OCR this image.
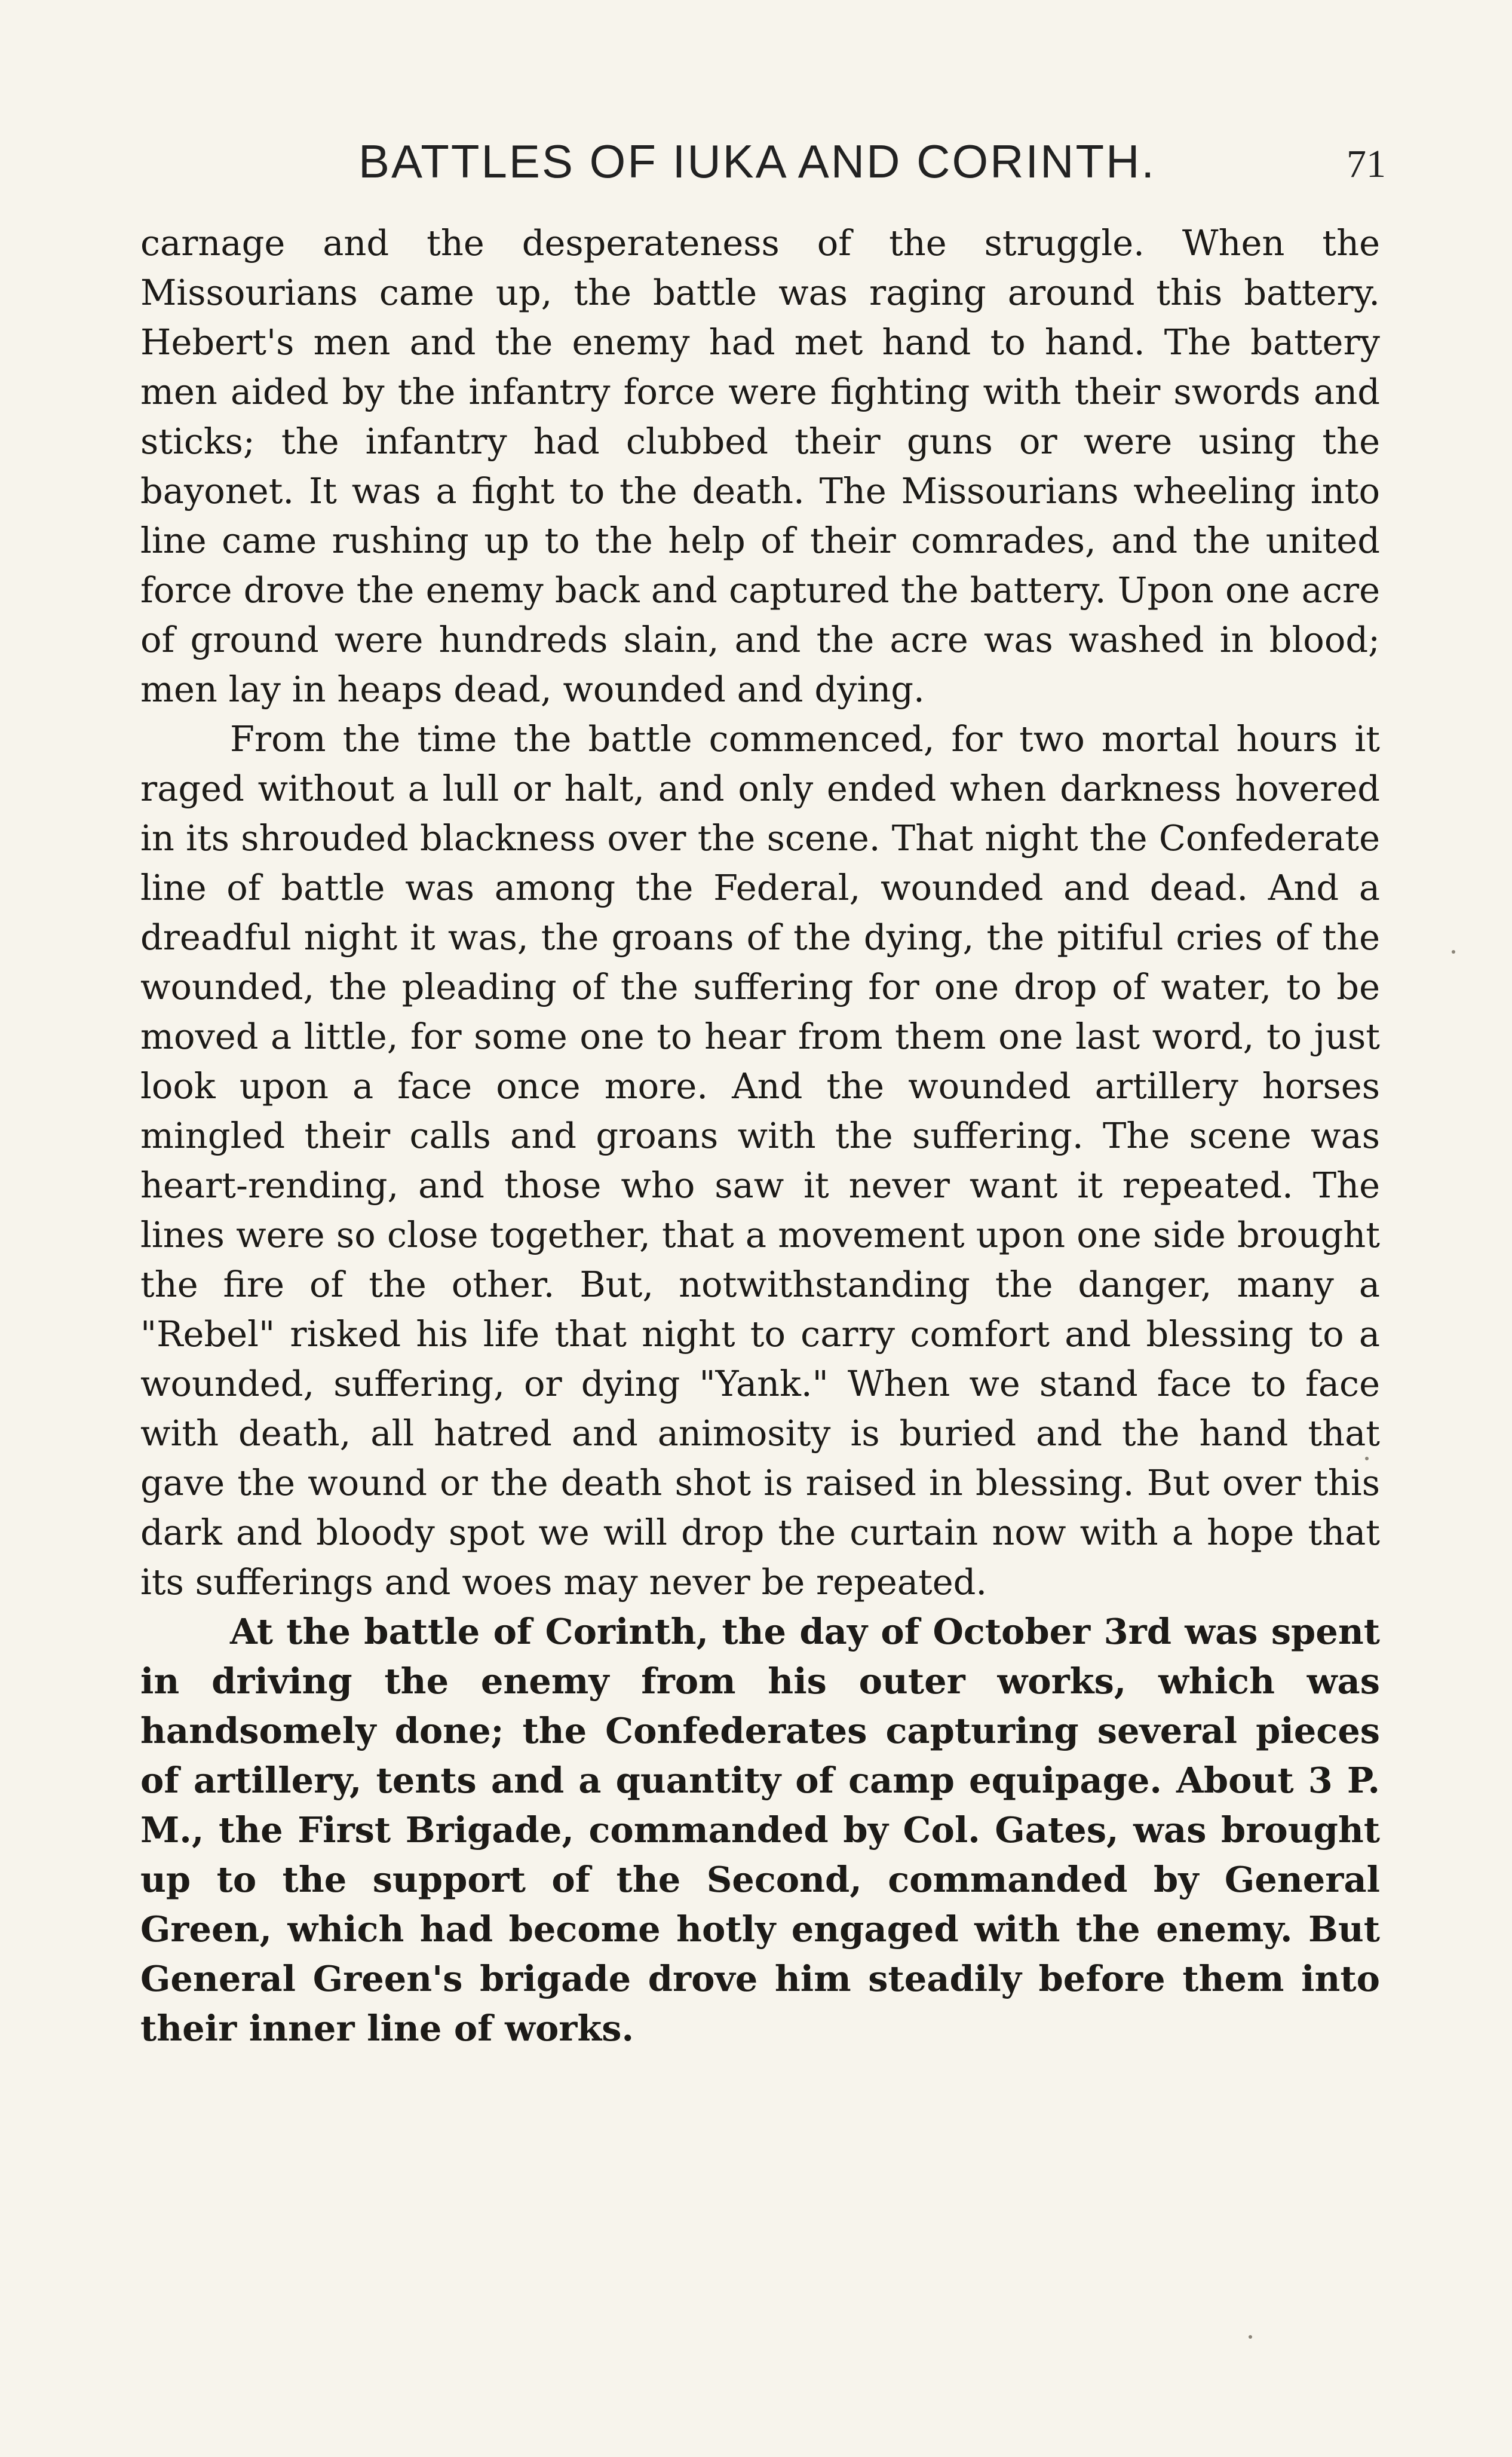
BATTLES OF IUKA AND CORINTH.	71

carnage and the desperateness of the struggle. When the Missourians came up, the battle was raging around this battery. Hebert's men and the enemy had met hand to hand. The battery men aided by the infantry force were fighting with their swords and sticks; the infantry had clubbed their guns or were using the bayonet. It was a fight to the death. The Missourians wheeling into line came rushing up to the help of their comrades, and the united force drove the enemy back and captured the battery. Upon one acre of ground were hundreds slain, and the acre was washed in blood; men lay in heaps dead, wounded and dying.

From the time the battle commenced, for two mortal hours it raged without a lull or halt, and only ended when darkness hovered in its shrouded blackness over the scene. That night the Confederate line of battle was among the Federal, wounded and dead. And a dreadful night it was, the groans of the dying, the pitiful cries of the wounded, the pleading of the suffering for one drop of water, to be moved a little, for some one to hear from them one last word, to just look upon a face once more. And the wounded artillery horses mingled their calls and groans with the suffering. The scene was heart-rending, and those who saw it never want it repeated. The lines were so close together, that a movement upon one side brought the fire of the other. But, notwithstanding the danger, many a "Rebel" risked his life that night to carry comfort and blessing to a wounded, suffering, or dying "Yank." When we stand face to face with death, all hatred and animosity is buried and the hand that gave the wound or the death shot is raised in blessing. But over this dark and bloody spot we will drop the curtain now with a hope that its sufferings and woes may never be repeated.

At the battle of Corinth, the day of October 3rd was spent in driving the enemy from his outer works, which was handsomely done; the Confederates capturing several pieces of artillery, tents and a quantity of camp equipage. About 3 P. M., the First Brigade, commanded by Col. Gates, was brought up to the support of the Second, commanded by General Green, which had become hotly engaged with the enemy. But General Green's brigade drove him steadily before them into their inner line of works.
